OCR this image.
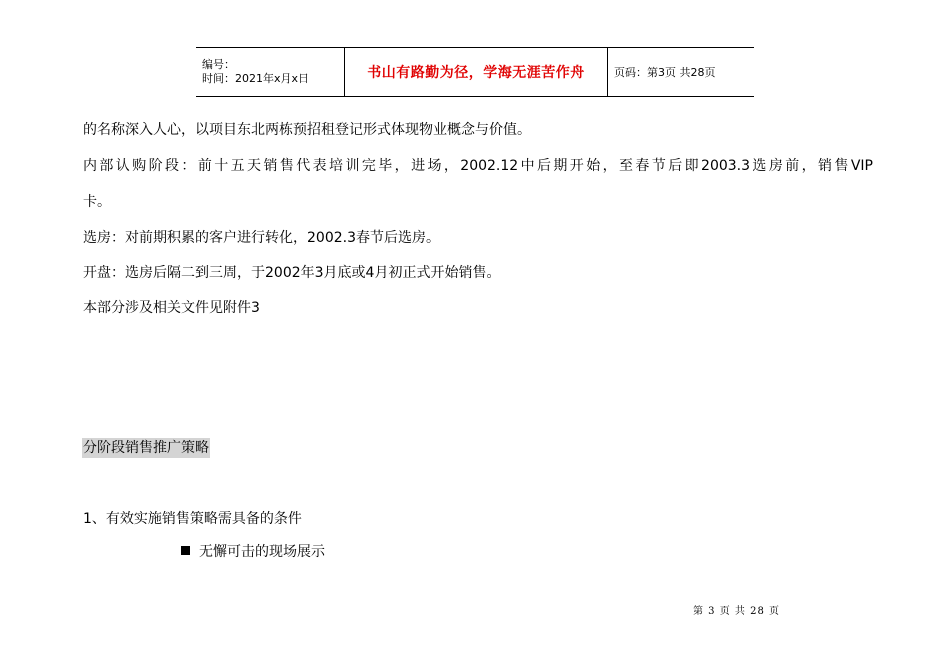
编号：
时间：2021年x月x日	书山有路勤为径，学海无涯苦作舟	页码：第3页 共28页
的名称深入人心，以项目东北两栋预招租登记形式体现物业概念与价值。
内部认购阶段：前十五天销售代表培训完毕，进场，2002.12中后期开始，至春节后即2003.3选房前，销售VIP
卡。
选房：对前期积累的客户进行转化，2002.3春节后选房。
开盘：选房后隔二到三周，于2002年3月底或4月初正式开始销售。
本部分涉及相关文件见附件3
分阶段销售推广策略
1、有效实施销售策略需具备的条件
无懈可击的现场展示
第 3 页 共 28 页
